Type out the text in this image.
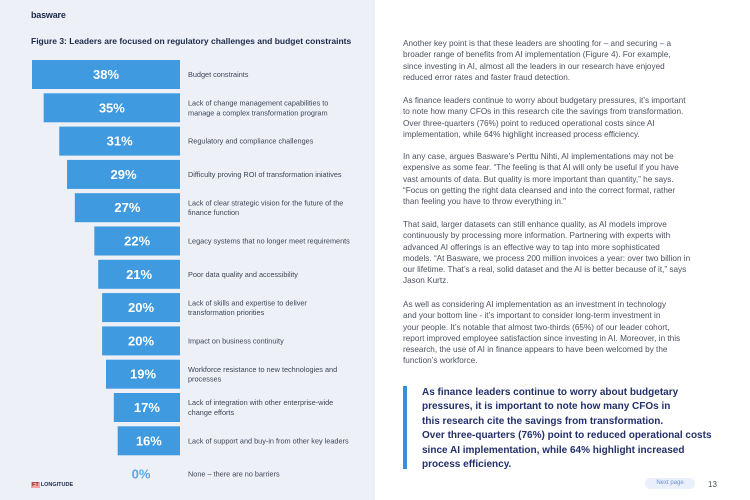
basware
Figure 3: Leaders are focused on regulatory challenges and budget constraints
38%	Budget constraints
35%	Lack of change management capabilities to manage a complex transformation program
31%	Regulatory and compliance challenges
29%	Difficulty proving ROI of transformation iniatives
27%	Lack of clear strategic vision for the future of the finance function
22%	Legacy systems that no longer meet requirements
21%	Poor data quality and accessibility
20%	Lack of skills and expertise to deliver transformation priorities
20%	Impact on business continuity
19%	Workforce resistance to new technologies and processes
17%	Lack of integration with other enterprise-wide change efforts
16%	Lack of support and buy-in from other key leaders
0%	None – there are no barriers
FT LONGITUDE

Another key point is that these leaders are shooting for – and securing – a
broader range of benefits from AI implementation (Figure 4). For example,
since investing in AI, almost all the leaders in our research have enjoyed
reduced error rates and faster fraud detection.

As finance leaders continue to worry about budgetary pressures, it’s important
to note how many CFOs in this research cite the savings from transformation.
Over three-quarters (76%) point to reduced operational costs since AI
implementation, while 64% highlight increased process efficiency.

In any case, argues Basware’s Perttu Nihti, AI implementations may not be
expensive as some fear. “The feeling is that AI will only be useful if you have
vast amounts of data. But quality is more important than quantity,” he says.
“Focus on getting the right data cleansed and into the correct format, rather
than feeling you have to throw everything in.”

That said, larger datasets can still enhance quality, as AI models improve
continuously by processing more information. Partnering with experts with
advanced AI offerings is an effective way to tap into more sophisticated
models. “At Basware, we process 200 million invoices a year: over two billion in
our lifetime. That’s a real, solid dataset and the AI is better because of it,” says
Jason Kurtz.

As well as considering AI implementation as an investment in technology
and your bottom line - it’s important to consider long-term investment in
your people. It’s notable that almost two-thirds (65%) of our leader cohort,
report improved employee satisfaction since investing in AI. Moreover, in this
research, the use of AI in finance appears to have been welcomed by the
function’s workforce.

As finance leaders continue to worry about budgetary
pressures, it is important to note how many CFOs in
this research cite the savings from transformation.
Over three-quarters (76%) point to reduced operational costs
since AI implementation, while 64% highlight increased
process efficiency.

Next page	13
